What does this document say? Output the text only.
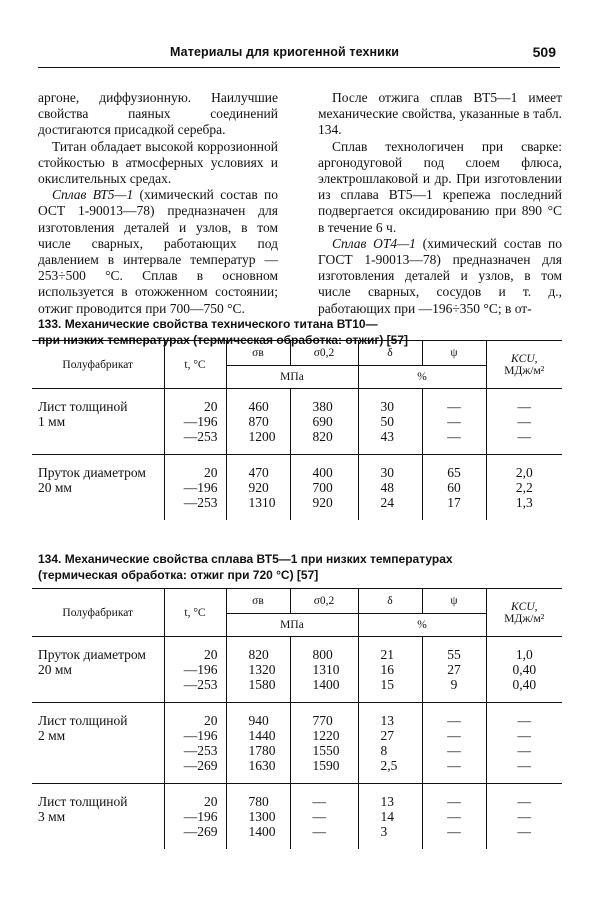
Материалы для криогенной техники	509

аргоне, диффузионную. Наилучшие свойства паяных соединений достигаются присадкой серебра.

Титан обладает высокой коррозионной стойкостью в атмосферных условиях и окислительных средах.

Сплав ВТ5—1 (химический состав по ОСТ 1-90013—78) предназначен для изготовления деталей и узлов, в том числе сварных, работающих под давлением в интервале температур —253÷500 °С. Сплав в основном используется в отожженном состоянии; отжиг проводится при 700—750 °С.

После отжига сплав ВТ5—1 имеет механические свойства, указанные в табл. 134.

Сплав технологичен при сварке: аргонодуговой под слоем флюса, электрошлаковой и др. При изготовлении из сплава ВТ5—1 крепежа последний подвергается оксидированию при 890 °С в течение 6 ч.

Сплав ОТ4—1 (химический состав по ГОСТ 1-90013—78) предназначен для изготовления деталей и узлов, в том числе сварных, сосудов и т. д., работающих при —196÷350 °С; в от-

133. Механические свойства технического титана ВТ10—
при низких температурах (термическая обработка: отжиг) [57]
Полуфабрикат	t, °C	σв	σ0,2	δ	ψ	KCU,
МДж/м²

		МПа		%		

Лист толщиной
1 мм	20
—196
—253	460
870
1200	380
690
820	30
50
43	—
—
—	—
—
—

Пруток диаметром
20 мм	20
—196
—253	470
920
1310	400
700
920	30
48
24	65
60
17	2,0
2,2
1,3
134. Механические свойства сплава ВТ5—1 при низких температурах
(термическая обработка: отжиг при 720 °С) [57]
Полуфабрикат	t, °C	σв	σ0,2	δ	ψ	KCU,
МДж/м²

		МПа		%		

Пруток диаметром
20 мм	20
—196
—253	820
1320
1580	800
1310
1400	21
16
15	55
27
9	1,0
0,40
0,40

Лист толщиной
2 мм	20
—196
—253
—269	940
1440
1780
1630	770
1220
1550
1590	13
27
8
2,5	—
—
—
—	—
—
—
—

Лист толщиной
3 мм	20
—196
—269	780
1300
1400	—
—
—	13
14
3	—
—
—	—
—
—
